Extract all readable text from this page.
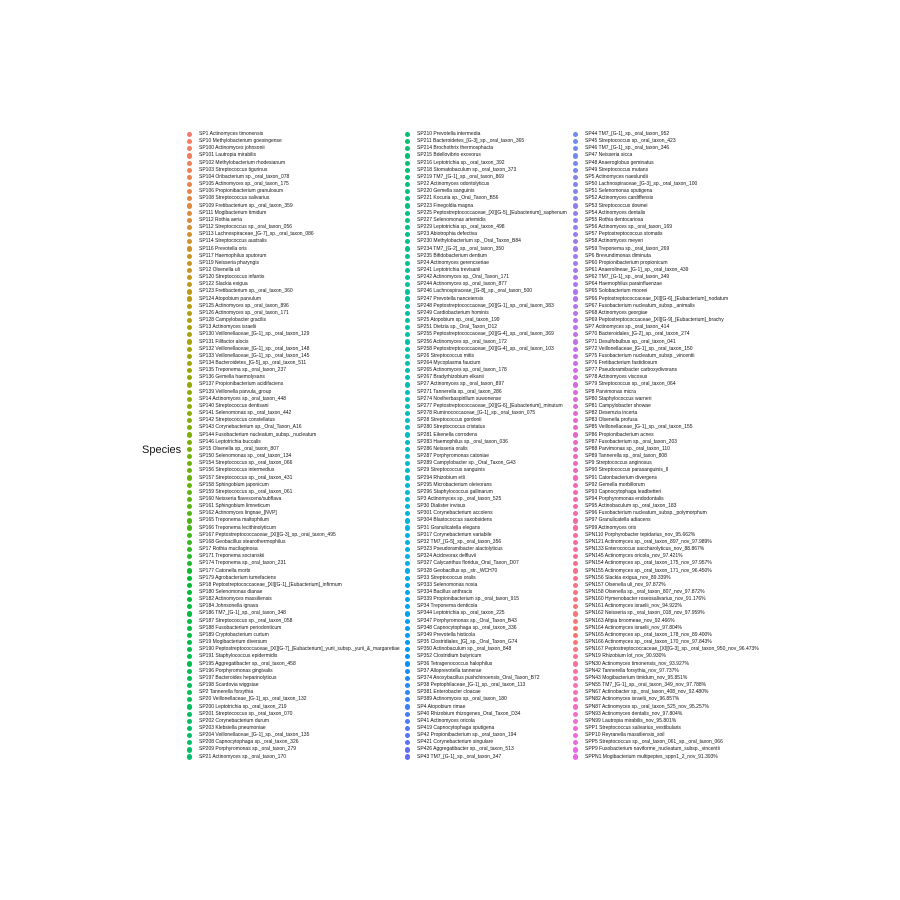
Species
SP1 Actinomyces timonensis
SP10 Methylobacterium goesingense
SP100 Actinomyces johnsonii
SP101 Lautropia mirabilis
SP102 Methylobacterium rhodesianum
SP103 Streptococcus tigurinus
SP104 Oribacterium sp._oral_taxon_078
SP105 Actinomyces sp._oral_taxon_175
SP106 Propionibacterium granulosum
SP108 Streptococcus salivarius
SP109 Fretibacterium sp._oral_taxon_359
SP111 Mogibacterium timidum
SP112 Rothia aeria
SP112 Streptococcus sp._oral_taxon_056
SP113 Lachnospiraceae_[G-7]_sp._oral_taxon_086
SP114 Streptococcus australis
SP116 Prevotella oris
SP117 Haemophilus sputorum
SP119 Neisseria pharyngis
SP12 Olsenella uli
SP120 Streptococcus infantis
SP122 Slackia exigua
SP123 Fretibacterium sp._oral_taxon_360
SP124 Atopobium parvulum
SP125 Actinomyces sp._oral_taxon_896
SP126 Actinomyces sp._oral_taxon_171
SP128 Campylobacter gracilis
SP13 Actinomyces israelii
SP130 Veillonellaceae_[G-1]_sp._oral_taxon_129
SP131 Filifactor alocis
SP132 Veillonellaceae_[G-1]_sp._oral_taxon_148
SP133 Veillonellaceae_[G-1]_sp._oral_taxon_145
SP134 Bacteroidetes_[G-5]_sp._oral_taxon_511
SP135 Treponema sp._oral_taxon_237
SP136 Gemella haemolysans
SP137 Propionibacterium acidifaciens
SP139 Veillonella parvula_group
SP14 Actinomyces sp._oral_taxon_448
SP140 Streptococcus dentisani
SP141 Selenomonas sp._oral_taxon_442
SP142 Streptococcus constellatus
SP143 Corynebacterium sp._Oral_Taxon_A16
SP144 Fusobacterium nucleatum_subsp._nucleatum
SP146 Leptotrichia buccalis
SP15 Olsenella sp._oral_taxon_807
SP150 Selenomonas sp._oral_taxon_134
SP154 Streptococcus sp._oral_taxon_066
SP156 Streptococcus intermedius
SP157 Streptococcus sp._oral_taxon_431
SP158 Sphingobium japonicum
SP159 Streptococcus sp._oral_taxon_061
SP160 Neisseria flavescens/subflava
SP161 Sphingobium limneticum
SP162 Actinomyces lingnae_[NVP]
SP165 Treponema maltophilum
SP166 Treponema lecithinolyticum
SP167 Peptostreptococcaceae_[XI][G-3]_sp._oral_taxon_495
SP168 Geobacillus stearothermophilus
SP17 Rothia mucilaginosa
SP171 Treponema socranskii
SP174 Treponema sp._oral_taxon_231
SP177 Catonella morbi
SP179 Agrobacterium tumefaciens
SP18 Peptostreptococcaceae_[XI][G-1]_[Eubacterium]_infirmum
SP180 Selenomonas dianae
SP182 Actinomyces massiliensis
SP184 Johnsonella ignava
SP186 TM7_[G-1]_sp._oral_taxon_348
SP187 Streptococcus sp._oral_taxon_058
SP188 Fusobacterium periodonticum
SP189 Cryptobacterium curtum
SP19 Mogibacterium diversum
SP190 Peptostreptococcaceae_[XI][G-7]_[Eubacterium]_yurii_subsp._yurii_&_margaretiae
SP191 Staphylococcus epidermidis
SP195 Aggregatibacter sp._oral_taxon_458
SP196 Porphyromonas gingivalis
SP197 Bacteroides heparinolyticus
SP198 Scardovia wiggsiae
SP2 Tannerella forsythia
SP20 Veillonellaceae_[G-1]_sp._oral_taxon_132
SP200 Leptotrichia sp._oral_taxon_219
SP201 Streptococcus sp._oral_taxon_070
SP202 Corynebacterium durum
SP203 Klebsiella pneumoniae
SP204 Veillonellaceae_[G-1]_sp._oral_taxon_135
SP208 Capnocytophaga sp._oral_taxon_326
SP209 Porphyromonas sp._oral_taxon_279
SP21 Actinomyces sp._oral_taxon_170
SP210 Prevotella intermedia
SP211 Bacteroidetes_[G-3]_sp._oral_taxon_365
SP214 Brochothrix thermosphacta
SP215 Bdellovibrio exovorus
SP216 Leptotrichia sp._oral_taxon_392
SP218 Stomatobaculum sp._oral_taxon_373
SP219 TM7_[G-1]_sp._oral_taxon_869
SP22 Actinomyces odontolyticus
SP220 Gemella sanguinis
SP221 Kocuria sp._Oral_Taxon_B56
SP223 Finegoldia magna
SP225 Peptostreptococcaceae_[XI][G-5]_[Eubacterium]_saphenum
SP227 Selenomonas artemidis
SP229 Leptotrichia sp._oral_taxon_498
SP23 Abiotrophia defectiva
SP230 Methylobacterium sp._Oral_Taxon_B84
SP234 TM7_[G-2]_sp._oral_taxon_350
SP235 Bifidobacterium dentium
SP24 Actinomyces gerencseriae
SP241 Leptotrichia trevisanii
SP242 Actinomyces sp._Oral_Taxon_171
SP244 Actinomyces sp._oral_taxon_877
SP246 Lachnospiraceae_[G-8]_sp._oral_taxon_500
SP247 Prevotella nanceiensis
SP248 Peptostreptococcaceae_[XI][G-1]_sp._oral_taxon_383
SP249 Cardiobacterium hominis
SP25 Atopobium sp._oral_taxon_199
SP251 Dietzia sp._Oral_Taxon_D12
SP255 Peptostreptococcaceae_[XI][G-4]_sp._oral_taxon_369
SP256 Actinomyces sp._oral_taxon_172
SP258 Peptostreptococcaceae_[XI][G-4]_sp._oral_taxon_103
SP26 Streptococcus mitis
SP264 Mycoplasma faucium
SP265 Actinomyces sp._oral_taxon_178
SP267 Bradyrhizobium elkanii
SP27 Actinomyces sp._oral_taxon_897
SP271 Tannerella sp._oral_taxon_286
SP274 Novlherbaspirillum suwonense
SP277 Peptostreptococcaceae_[XI][G-6]_[Eubacterium]_minutum
SP278 Ruminococcaceae_[G-1]_sp._oral_taxon_075
SP28 Streptococcus gordonii
SP280 Streptococcus cristatus
SP281 Eikenella corrodens
SP283 Haemophilus sp._oral_taxon_036
SP286 Neisseria oralis
SP287 Porphyromonas catoniae
SP289 Campylobacter sp._Oral_Taxon_G43
SP29 Streptococcus sanguinis
SP294 Rhizobium etli
SP295 Microbacterium oleivorans
SP296 Staphylococcus gallinarum
SP3 Actinomyces sp._oral_taxon_525
SP30 Dialister invisus
SP301 Corynebacterium accolens
SP304 Blastococcus saxobsidens
SP31 Granulicatella elegans
SP317 Corynebacterium variabile
SP32 TM7_[G-5]_sp._oral_taxon_356
SP323 Pseudoramibacter alactolyticus
SP324 Acidovorax delfluvii
SP327 Calycanthus floridus_Oral_Taxon_D07
SP328 Geobacillus sp._str._WCH70
SP33 Streptococcus oralis
SP333 Selenomonas noxia
SP334 Bacillus anthracis
SP339 Propionibacterium sp._oral_taxon_915
SP34 Treponema denticola
SP344 Leptotrichia sp._oral_taxon_225
SP347 Porphyromonas sp._Oral_Taxon_B43
SP348 Capnocytophaga sp._oral_taxon_336
SP349 Prevotella histicola
SP35 Clostridiales_[G]_sp._Oral_Taxon_G74
SP350 Actinobaculum sp._oral_taxon_848
SP352 Clostridium butyricum
SP36 Tetragenococcus halophilus
SP37 Alloprevotella tannerae
SP374 Anoxybacillus pushchinoensis_Oral_Taxon_B72
SP38 Peptophilaceae_[G-1]_sp._oral_taxon_113
SP381 Enterobacter cloacae
SP389 Actinomyces sp._oral_taxon_180
SP4 Atopobium rimae
SP40 Rhizobium rhizogenes_Oral_Taxon_D34
SP41 Actinomyces oricola
SP419 Capnocytophaga sputigena
SP42 Propionibacterium sp._oral_taxon_194
SP421 Corynebacterium singulare
SP426 Aggregatibacter sp._oral_taxon_513
SP43 TM7_[G-1]_sp._oral_taxon_347
SP44 TM7_[G-1]_sp._oral_taxon_952
SP45 Streptococcus sp._oral_taxon_423
SP46 TM7_[G-1]_sp._oral_taxon_346
SP47 Neisseria sicca
SP48 Anaeroglobus geminatus
SP49 Streptococcus mutans
SP5 Actinomyces naeslundii
SP50 Lachnospiraceae_[G-3]_sp._oral_taxon_100
SP51 Selenomonas sputigena
SP52 Actinomyces cardiffensis
SP53 Streptococcus downei
SP54 Actinomyces dentalis
SP55 Rothia dentocariosa
SP56 Actinomyces sp._oral_taxon_169
SP57 Peptostreptococcus stomatis
SP58 Actinomyces meyeri
SP59 Treponema sp._oral_taxon_269
SP6 Brevundimonas diminuta
SP60 Propionibacterium propionicum
SP61 Anaerolineae_[G-1]_sp._oral_taxon_439
SP62 TM7_[G-1]_sp._oral_taxon_349
SP64 Haemophilus parainfluenzae
SP65 Solobacterium moorei
SP66 Peptostreptococcaceae_[XI][G-6]_[Eubacterium]_nodatum
SP67 Fusobacterium nucleatum_subsp._animalis
SP68 Actinomyces georgiae
SP69 Peptostreptococcaceae_[XI][G-9]_[Eubacterium]_brachy
SP7 Actinomyces sp._oral_taxon_414
SP70 Bacteroidales_[G-2]_sp._oral_taxon_274
SP71 Desulfobulbus sp._oral_taxon_041
SP72 Veillonellaceae_[G-1]_sp._oral_taxon_150
SP75 Fusobacterium nucleatum_subsp._vincentii
SP76 Fretibacterium fastidiosum
SP77 Pseudoramibacter carboxydivorans
SP78 Actinomyces viscosus
SP79 Streptococcus sp._oral_taxon_064
SP8 Parvimonas micra
SP80 Staphylococcus warneri
SP81 Campylobacter showae
SP82 Desemzia incerta
SP83 Olsenella profusa
SP85 Veillonellaceae_[G-1]_sp._oral_taxon_155
SP86 Propionibacterium acnes
SP87 Fusobacterium sp._oral_taxon_203
SP88 Parvimonas sp._oral_taxon_110
SP89 Tannerella sp._oral_taxon_808
SP9 Streptococcus anginosus
SP90 Streptococcus parasanguinis_II
SP91 Catonbacterium divergens
SP92 Gemella morbillorum
SP93 Capnocytophaga leadbetteri
SP94 Porphyromonas endodontalis
SP95 Actinobaculum sp._oral_taxon_183
SP96 Fusobacterium nucleatum_subsp._polymorphum
SP97 Granulicatella adiacens
SP99 Actinomyces oris
SPN110 Porphyrobacter tepidarius_nov_95.662%
SPN121 Actinomyces sp._oral_taxon_897_nov_97.989%
SPN133 Enterococcus saccharolyticus_nov_88.867%
SPN145 Actinomyces oricola_nov_97.421%
SPN154 Actinomyces sp._oral_taxon_175_nov_97.957%
SPN155 Actinomyces sp._oral_taxon_171_nov_96.450%
SPN156 Slackia exigua_nov_89.339%
SPN157 Olsenella uli_nov_97.872%
SPN158 Olsenella sp._oral_taxon_807_nov_97.872%
SPN160 Hymenobacter roseosalivarius_nov_91.176%
SPN161 Actinomyces israelii_nov_94.922%
SPN162 Neisseria sp._oral_taxon_018_nov_97.959%
SPN163 Afipia broomeae_nov_92.466%
SPN164 Actinomyces israelii_nov_97.804%
SPN165 Actinomyces sp._oral_taxon_178_nov_89.400%
SPN166 Actinomyces sp._oral_taxon_170_nov_97.843%
SPN167 Peptostreptococcaceae_[XI][G-3]_sp._oral_taxon_950_nov_96.473%
SPN19 Rhizobium lot_nov_90.930%
SPN30 Actinomyces timonensis_nov_93.927%
SPN42 Tannerella forsythia_nov_97.737%
SPN43 Mogibacterium timidum_nov_95.851%
SPN55 TM7_[G-1]_sp._oral_taxon_349_nov_97.788%
SPN67 Actinobacter sp._oral_taxon_408_nov_92.480%
SPN82 Actinomyces israelii_nov_96.857%
SPN87 Actinomyces sp._oral_taxon_525_nov_95.257%
SPN93 Actinomyces dentalis_nov_97.804%
SPN99 Lautropia mirabilis_nov_95.801%
SPP1 Streptococcus salivarius_vestibularis
SPP10 Reyranella massiliensis_soil
SPP5 Streptococcus sp._oral_taxon_061_sp._oral_taxon_066
SPP9 Fusobacterium naviforme_nucleatum_subsp._vincentii
SPPN1 Mogibacterium multipeptes_sppn1_2_nov_91.393%
